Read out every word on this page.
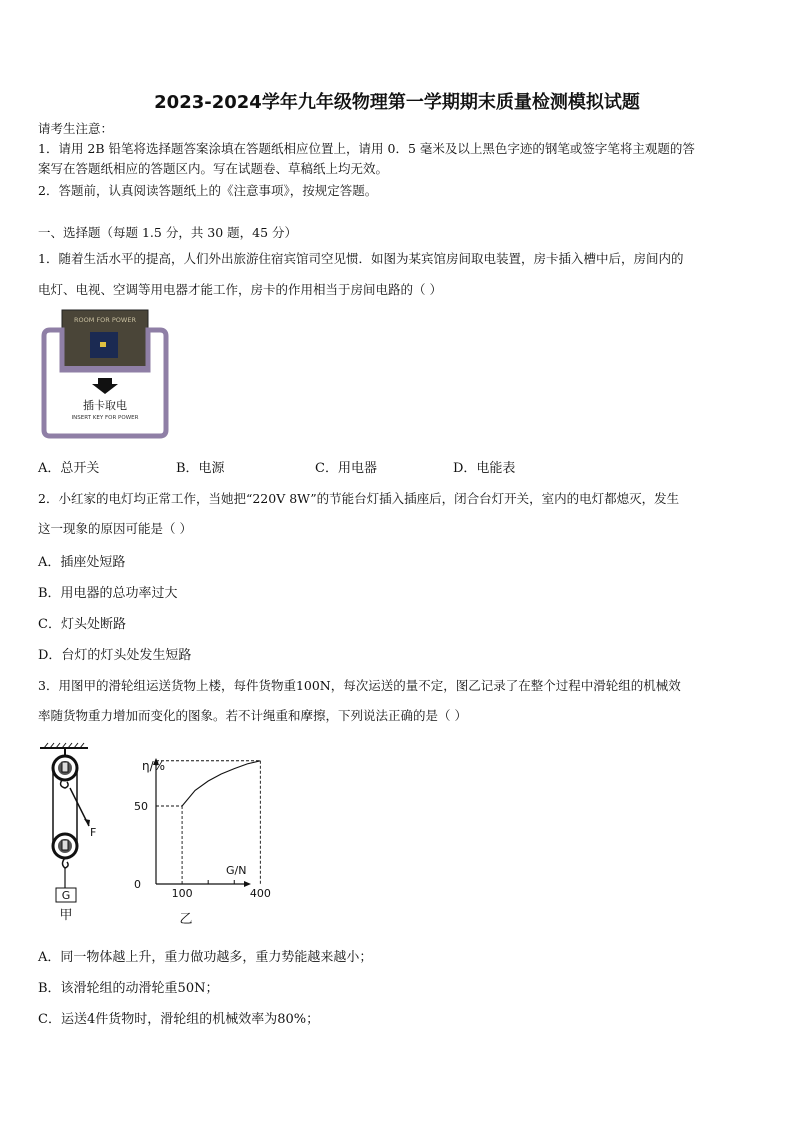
2023-2024学年九年级物理第一学期期末质量检测模拟试题
请考生注意：
1．请用 2B 铅笔将选择题答案涂填在答题纸相应位置上，请用 0．5 毫米及以上黑色字迹的钢笔或签字笔将主观题的答
案写在答题纸相应的答题区内。写在试题卷、草稿纸上均无效。
2．答题前，认真阅读答题纸上的《注意事项》，按规定答题。
一、选择题（每题 1.5 分，共 30 题，45 分）
1．随着生活水平的提高，人们外出旅游住宿宾馆司空见惯．如图为某宾馆房间取电装置，房卡插入槽中后，房间内的
电灯、电视、空调等用电器才能工作，房卡的作用相当于房间电路的（ ）
ROOM FOR POWER
插卡取电
INSERT KEY FOR POWER
A．总开关	B．电源	C．用电器	D．电能表
2．小红家的电灯均正常工作，当她把“220V 8W”的节能台灯插入插座后，闭合台灯开关，室内的电灯都熄灭，发生
这一现象的原因可能是（ ）
A．插座处短路
B．用电器的总功率过大
C．灯头处断路
D．台灯的灯头处发生短路
3．用图甲的滑轮组运送货物上楼，每件货物重100N，每次运送的量不定，图乙记录了在整个过程中滑轮组的机械效
率随货物重力增加而变化的图象。若不计绳重和摩擦，下列说法正确的是（ ）
F
G
甲
η/%
G/N
100	400
0
50
乙
A．同一物体越上升，重力做功越多，重力势能越来越小；
B．该滑轮组的动滑轮重50N；
C．运送4件货物时，滑轮组的机械效率为80%；
